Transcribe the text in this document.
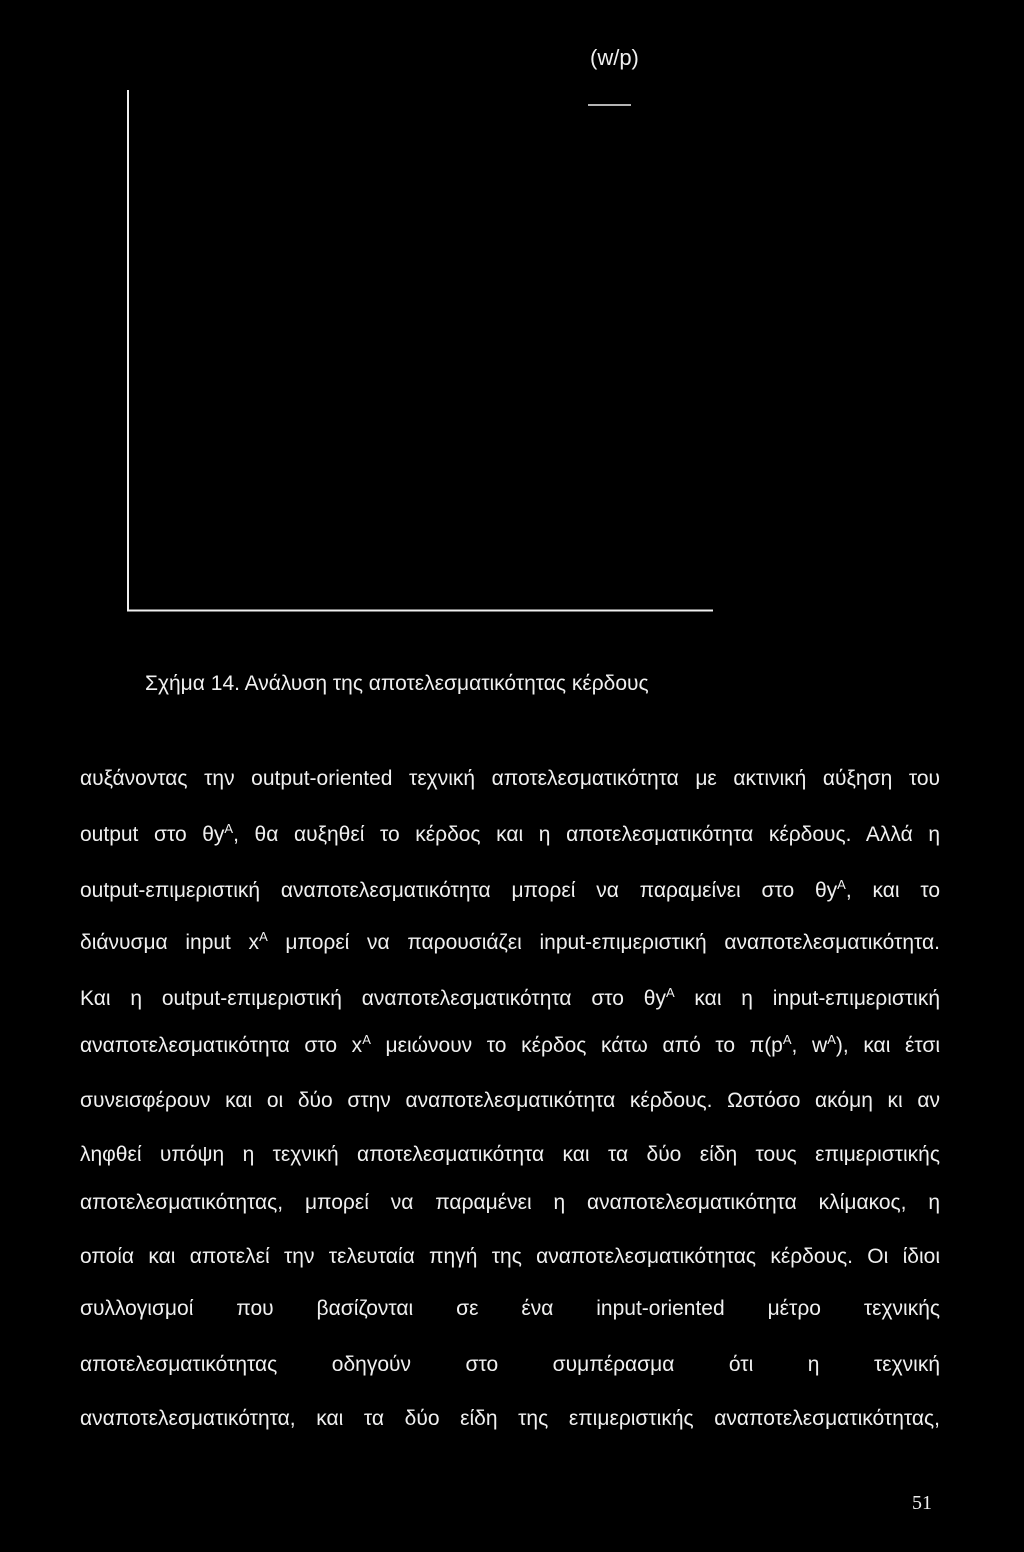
(w/p)
Σχήμα 14. Ανάλυση της αποτελεσματικότητας κέρδους
αυξάνοντας την output-oriented τεχνική αποτελεσματικότητα με ακτινική αύξηση του
output στο $\theta y^A$, θα αυξηθεί το κέρδος και η αποτελεσματικότητα κέρδους. Αλλά η
output-επιμεριστική αναποτελεσματικότητα μπορεί να παραμείνει στο $\theta y^A$, και το
διάνυσμα input $x^A$ μπορεί να παρουσιάζει input-επιμεριστική αναποτελεσματικότητα.
Και η output-επιμεριστική αναποτελεσματικότητα στο $\theta y^A$ και η input-επιμεριστική
αναποτελεσματικότητα στο $x^A$ μειώνουν το κέρδος κάτω από το $\pi(p^A$, $w^A$), και έτσι
συνεισφέρουν και οι δύο στην αναποτελεσματικότητα κέρδους. Ωστόσο ακόμη κι αν
ληφθεί υπόψη η τεχνική αποτελεσματικότητα και τα δύο είδη τους επιμεριστικής
αποτελεσματικότητας, μπορεί να παραμένει η αναποτελεσματικότητα κλίμακος, η
οποία και αποτελεί την τελευταία πηγή της αναποτελεσματικότητας κέρδους. Οι ίδιοι
συλλογισμοί που βασίζονται σε ένα input-oriented μέτρο τεχνικής
αποτελεσματικότητας οδηγούν στο συμπέρασμα ότι η τεχνική
αναποτελεσματικότητα, και τα δύο είδη της επιμεριστικής αναποτελεσματικότητας,
51
